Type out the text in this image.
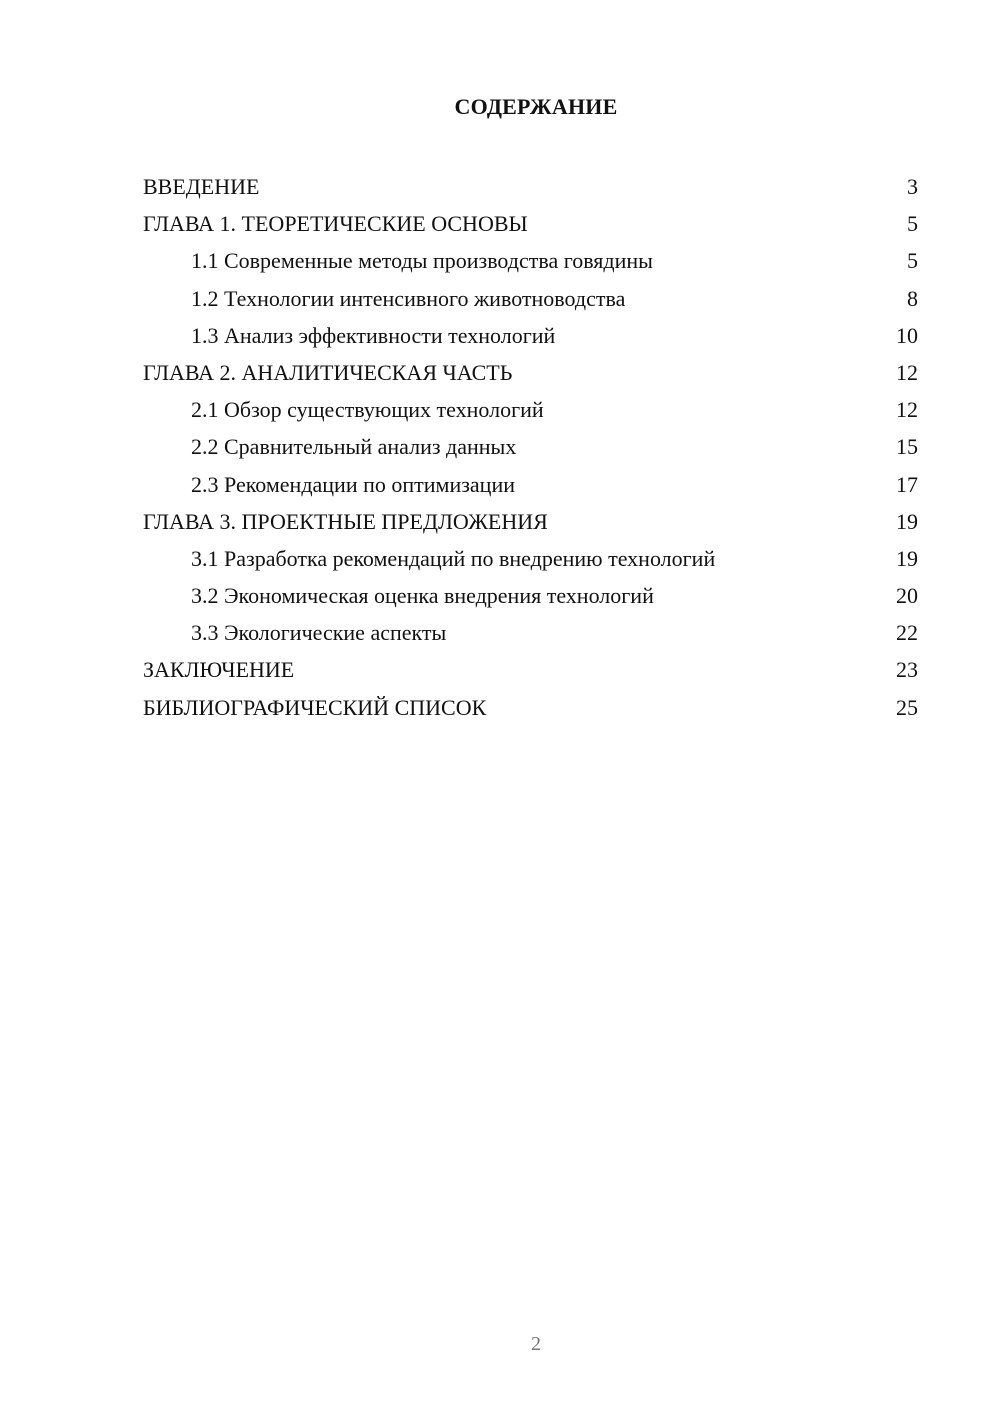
СОДЕРЖАНИЕ
ВВЕДЕНИЕ	3
ГЛАВА 1. ТЕОРЕТИЧЕСКИЕ ОСНОВЫ	5
1.1 Современные методы производства говядины	5
1.2 Технологии интенсивного животноводства	8
1.3 Анализ эффективности технологий	10
ГЛАВА 2. АНАЛИТИЧЕСКАЯ ЧАСТЬ	12
2.1 Обзор существующих технологий	12
2.2 Сравнительный анализ данных	15
2.3 Рекомендации по оптимизации	17
ГЛАВА 3. ПРОЕКТНЫЕ ПРЕДЛОЖЕНИЯ	19
3.1 Разработка рекомендаций по внедрению технологий	19
3.2 Экономическая оценка внедрения технологий	20
3.3 Экологические аспекты	22
ЗАКЛЮЧЕНИЕ	23
БИБЛИОГРАФИЧЕСКИЙ СПИСОК	25
2
